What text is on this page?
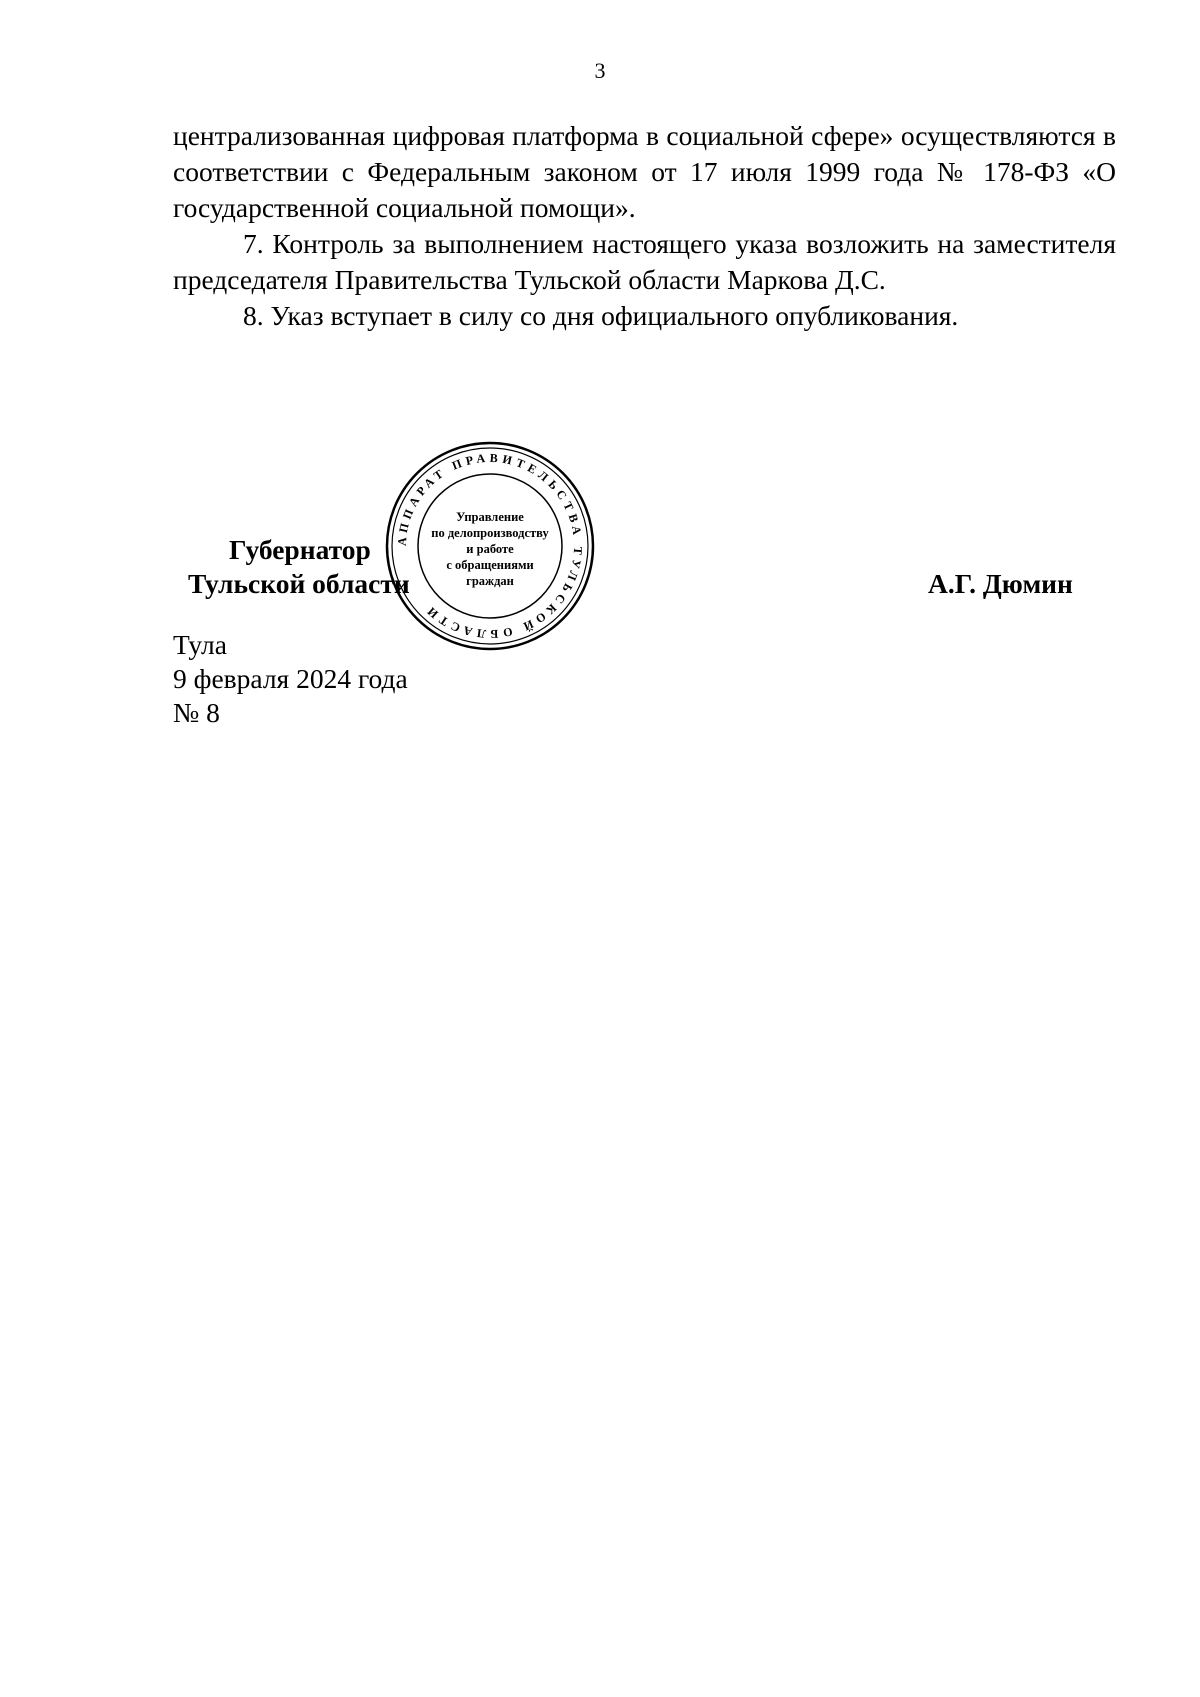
3

централизованная цифровая платформа в социальной сфере» осуществляются в соответствии с Федеральным законом от 17 июля 1999 года № 178-ФЗ «О государственной социальной помощи».

7. Контроль за выполнением настоящего указа возложить на заместителя председателя Правительства Тульской области Маркова Д.С.

8. Указ вступает в силу со дня официального опубликования.

Губернатор
Тульской области	А.Г. Дюмин
АППАРАТ ПРАВИТЕЛЬСТВА ТУЛЬСКОЙ ОБЛАСТИ
Управление
по делопроизводству
и работе
с обращениями
граждан
Тула
9 февраля 2024 года
№ 8
